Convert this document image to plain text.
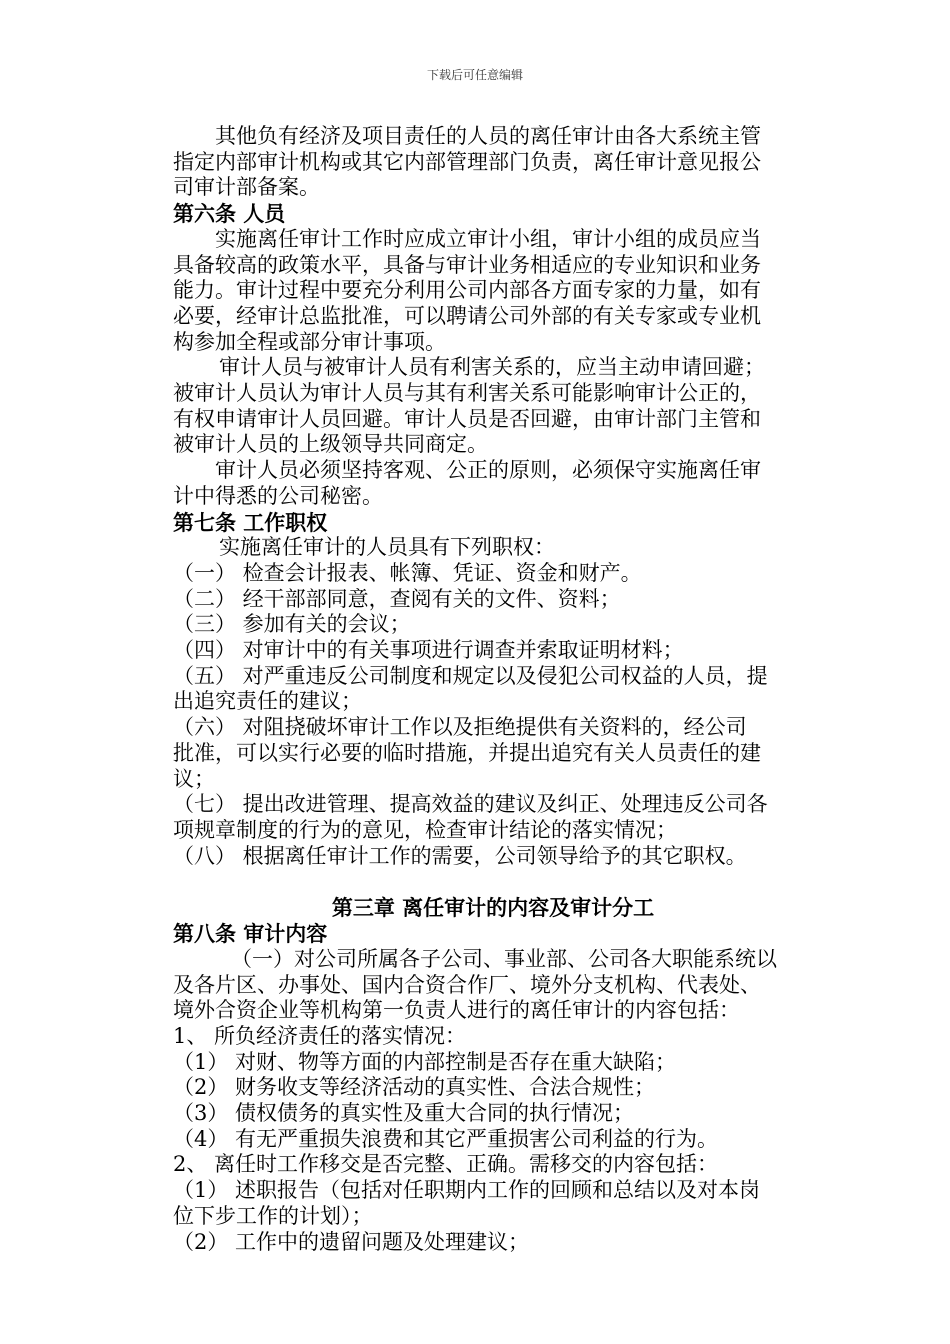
下载后可任意编辑
其他负有经济及项目责任的人员的离任审计由各大系统主管
指定内部审计机构或其它内部管理部门负责，离任审计意见报公
司审计部备案。
第六条 人员
实施离任审计工作时应成立审计小组，审计小组的成员应当
具备较高的政策水平，具备与审计业务相适应的专业知识和业务
能力。审计过程中要充分利用公司内部各方面专家的力量，如有
必要，经审计总监批准，可以聘请公司外部的有关专家或专业机
构参加全程或部分审计事项。
审计人员与被审计人员有利害关系的，应当主动申请回避；
被审计人员认为审计人员与其有利害关系可能影响审计公正的，
有权申请审计人员回避。审计人员是否回避，由审计部门主管和
被审计人员的上级领导共同商定。
审计人员必须坚持客观、公正的原则，必须保守实施离任审
计中得悉的公司秘密。
第七条 工作职权
实施离任审计的人员具有下列职权：
（一） 检查会计报表、帐簿、凭证、资金和财产。
（二） 经干部部同意，查阅有关的文件、资料；
（三） 参加有关的会议；
（四） 对审计中的有关事项进行调查并索取证明材料；
（五） 对严重违反公司制度和规定以及侵犯公司权益的人员，提
出追究责任的建议；
（六） 对阻挠破坏审计工作以及拒绝提供有关资料的，经公司
批准，可以实行必要的临时措施，并提出追究有关人员责任的建
议；
（七） 提出改进管理、提高效益的建议及纠正、处理违反公司各
项规章制度的行为的意见，检查审计结论的落实情况；
（八） 根据离任审计工作的需要，公司领导给予的其它职权。
第三章 离任审计的内容及审计分工
第八条 审计内容
（一）对公司所属各子公司、事业部、公司各大职能系统以
及各片区、办事处、国内合资合作厂、境外分支机构、代表处、
境外合资企业等机构第一负责人进行的离任审计的内容包括：
1、 所负经济责任的落实情况：
（1） 对财、物等方面的内部控制是否存在重大缺陷；
（2） 财务收支等经济活动的真实性、合法合规性；
（3） 债权债务的真实性及重大合同的执行情况；
（4） 有无严重损失浪费和其它严重损害公司利益的行为。
2、 离任时工作移交是否完整、正确。需移交的内容包括：
（1） 述职报告（包括对任职期内工作的回顾和总结以及对本岗
位下步工作的计划）；
（2） 工作中的遗留问题及处理建议；
